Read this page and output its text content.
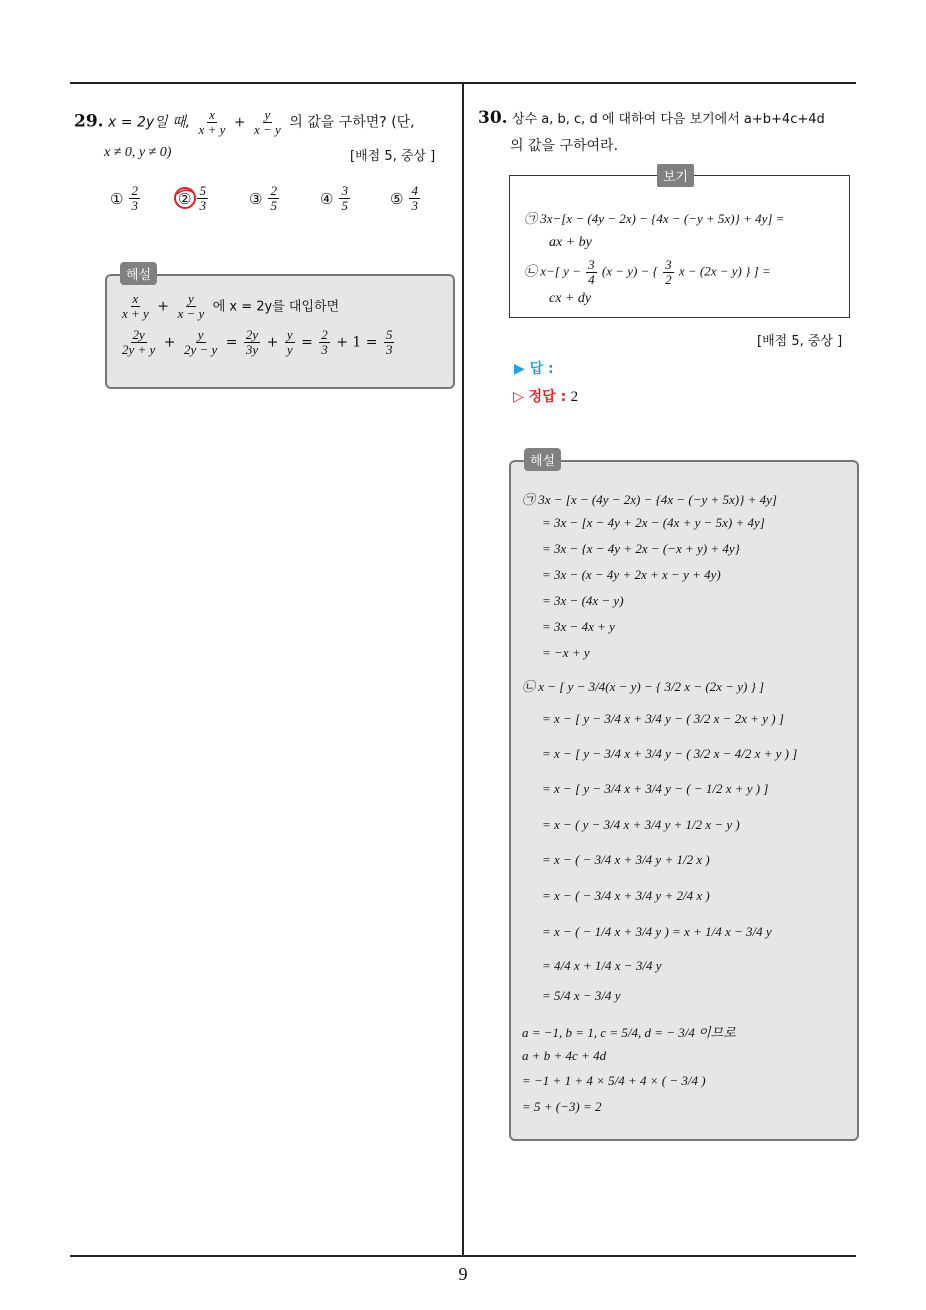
9
29. x = 2y일 때, $\frac{x}{x + y} + \frac{y}{x - y}$ 의 값을 구하면? (단,
x ≠ 0, y ≠ 0)	[배점 5, 중상 ]
① $\frac{2}{3}$	② $\frac{5}{3}$	③ $\frac{2}{5}$	④ $\frac{3}{5}$	⑤ $\frac{4}{3}$
해설
$\frac{x}{x + y} + \frac{y}{x - y}$ 에 x = 2y를 대입하면
$\frac{2y}{2y + y} + \frac{y}{2y - y} = \frac{2y}{3y} + \frac{y}{y} = \frac{2}{3} + 1 = \frac{5}{3}$
30. 상수 a, b, c, d 에 대하여 다음 보기에서 a+b+4c+4d
의 값을 구하여라.
보기
㉠ 3x−[x − (4y − 2x) − {4x − (−y + 5x)} + 4y] =
ax + by
㉡ x−[ $y - \frac{3}{4} (x - y)$ − { $\frac{3}{2}$ x − (2x − y) } ] =
cx + dy
[배점 5, 중상 ]
▶ 답 :
▷ 정답 : 2
해설
㉠ 3x − [x − (4y − 2x) − {4x − (−y + 5x)} + 4y]
= 3x − [x − 4y + 2x − (4x + y − 5x) + 4y]
= 3x − {x − 4y + 2x − (−x + y) + 4y}
= 3x − (x − 4y + 2x + x − y + 4y)
= 3x − (4x − y)
= 3x − 4x + y
= −x + y
㉡ x − [ y − 3/4(x − y) − { 3/2 x − (2x − y) } ]
= x − [ y − 3/4 x + 3/4 y − ( 3/2 x − 2x + y ) ]
= x − [ y − 3/4 x + 3/4 y − ( 3/2 x − 4/2 x + y ) ]
= x − [ y − 3/4 x + 3/4 y − ( − 1/2 x + y ) ]
= x − ( y − 3/4 x + 3/4 y + 1/2 x − y )
= x − ( − 3/4 x + 3/4 y + 1/2 x )
= x − ( − 3/4 x + 3/4 y + 2/4 x )
= x − ( − 1/4 x + 3/4 y ) = x + 1/4 x − 3/4 y
= 4/4 x + 1/4 x − 3/4 y
= 5/4 x − 3/4 y
a = −1, b = 1, c = 5/4, d = − 3/4 이므로
a + b + 4c + 4d
= −1 + 1 + 4 × 5/4 + 4 × ( − 3/4 )
= 5 + (−3) = 2
